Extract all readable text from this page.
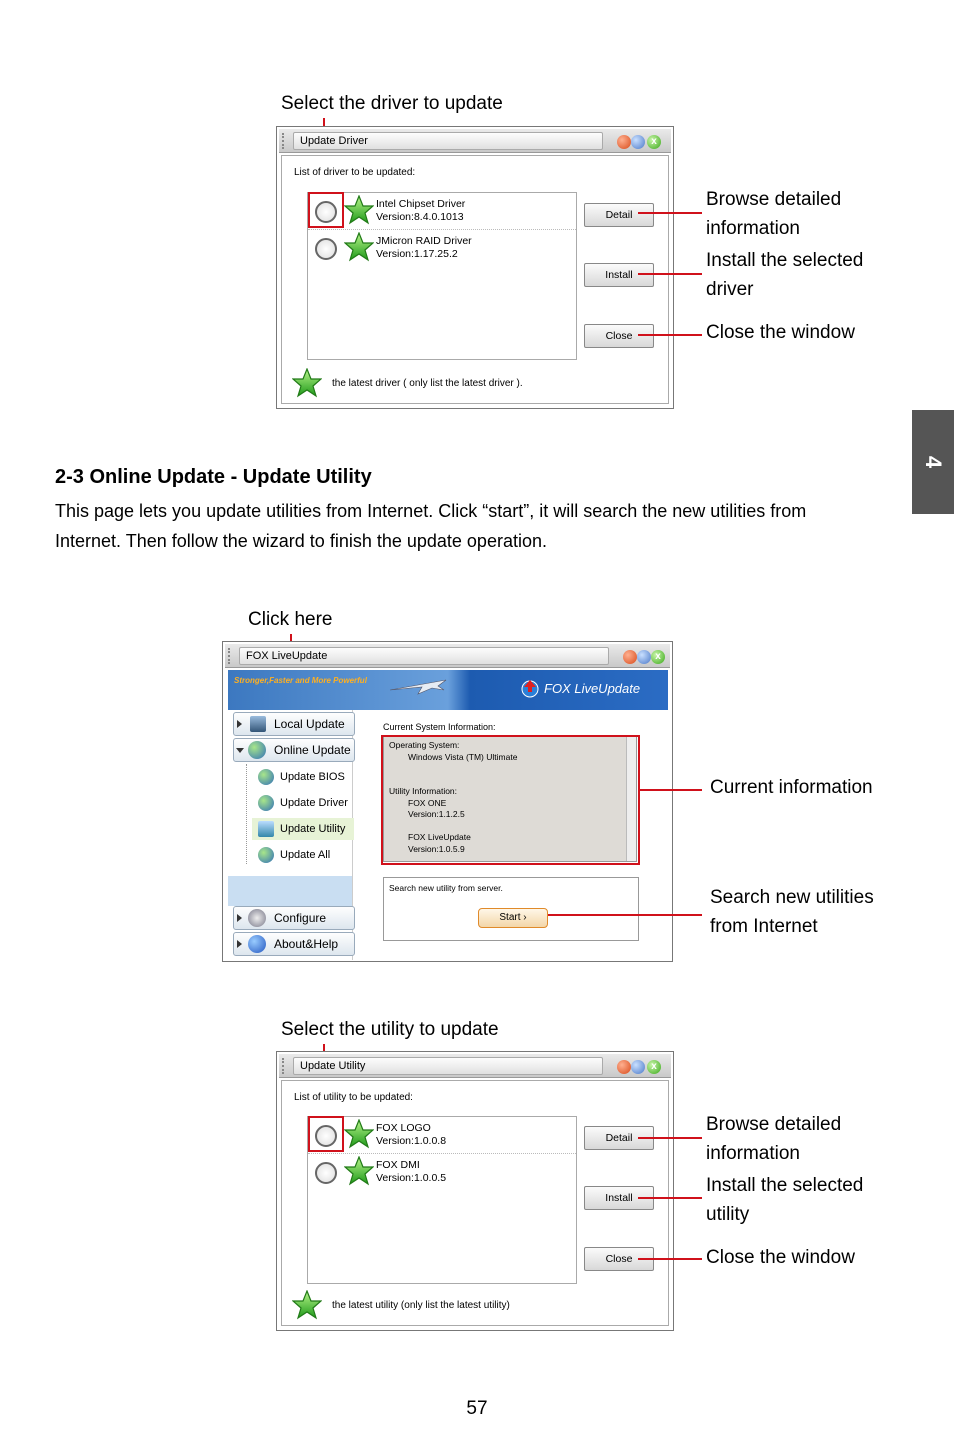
Select the driver to update
Update Driver	x
List of driver to be updated:
Intel Chipset Driver
Version:8.4.0.1013
JMicron RAID Driver
Version:1.17.25.2
Detail
Install
Close
the latest driver ( only list the latest driver ).
Browse detailed
information
Install the selected
driver
Close the window
4
2-3 Online Update - Update Utility
This page lets you update utilities from Internet. Click “start”, it will search the new utilities from
Internet. Then follow the wizard to finish the update operation.
Click here
FOX LiveUpdate	x
Stronger,Faster and More Powerful
FOX LiveUpdate
Local Update
Online Update
Update BIOS
Update Driver
Update Utility
Update All
Configure
About&Help
Current System Information:
Operating System:
Windows Vista (TM) Ultimate

Utility Information:
FOX ONE
Version:1.1.2.5

FOX LiveUpdate
Version:1.0.5.9
Search new utility from server.
Start ›
Current information
Search new utilities
from Internet
Select the utility to update
Update Utility	x
List of utility to be updated:
FOX LOGO
Version:1.0.0.8
FOX DMI
Version:1.0.0.5
Detail
Install
Close
the latest utility (only list the latest utility)
Browse detailed
information
Install the selected
utility
Close the window
57
